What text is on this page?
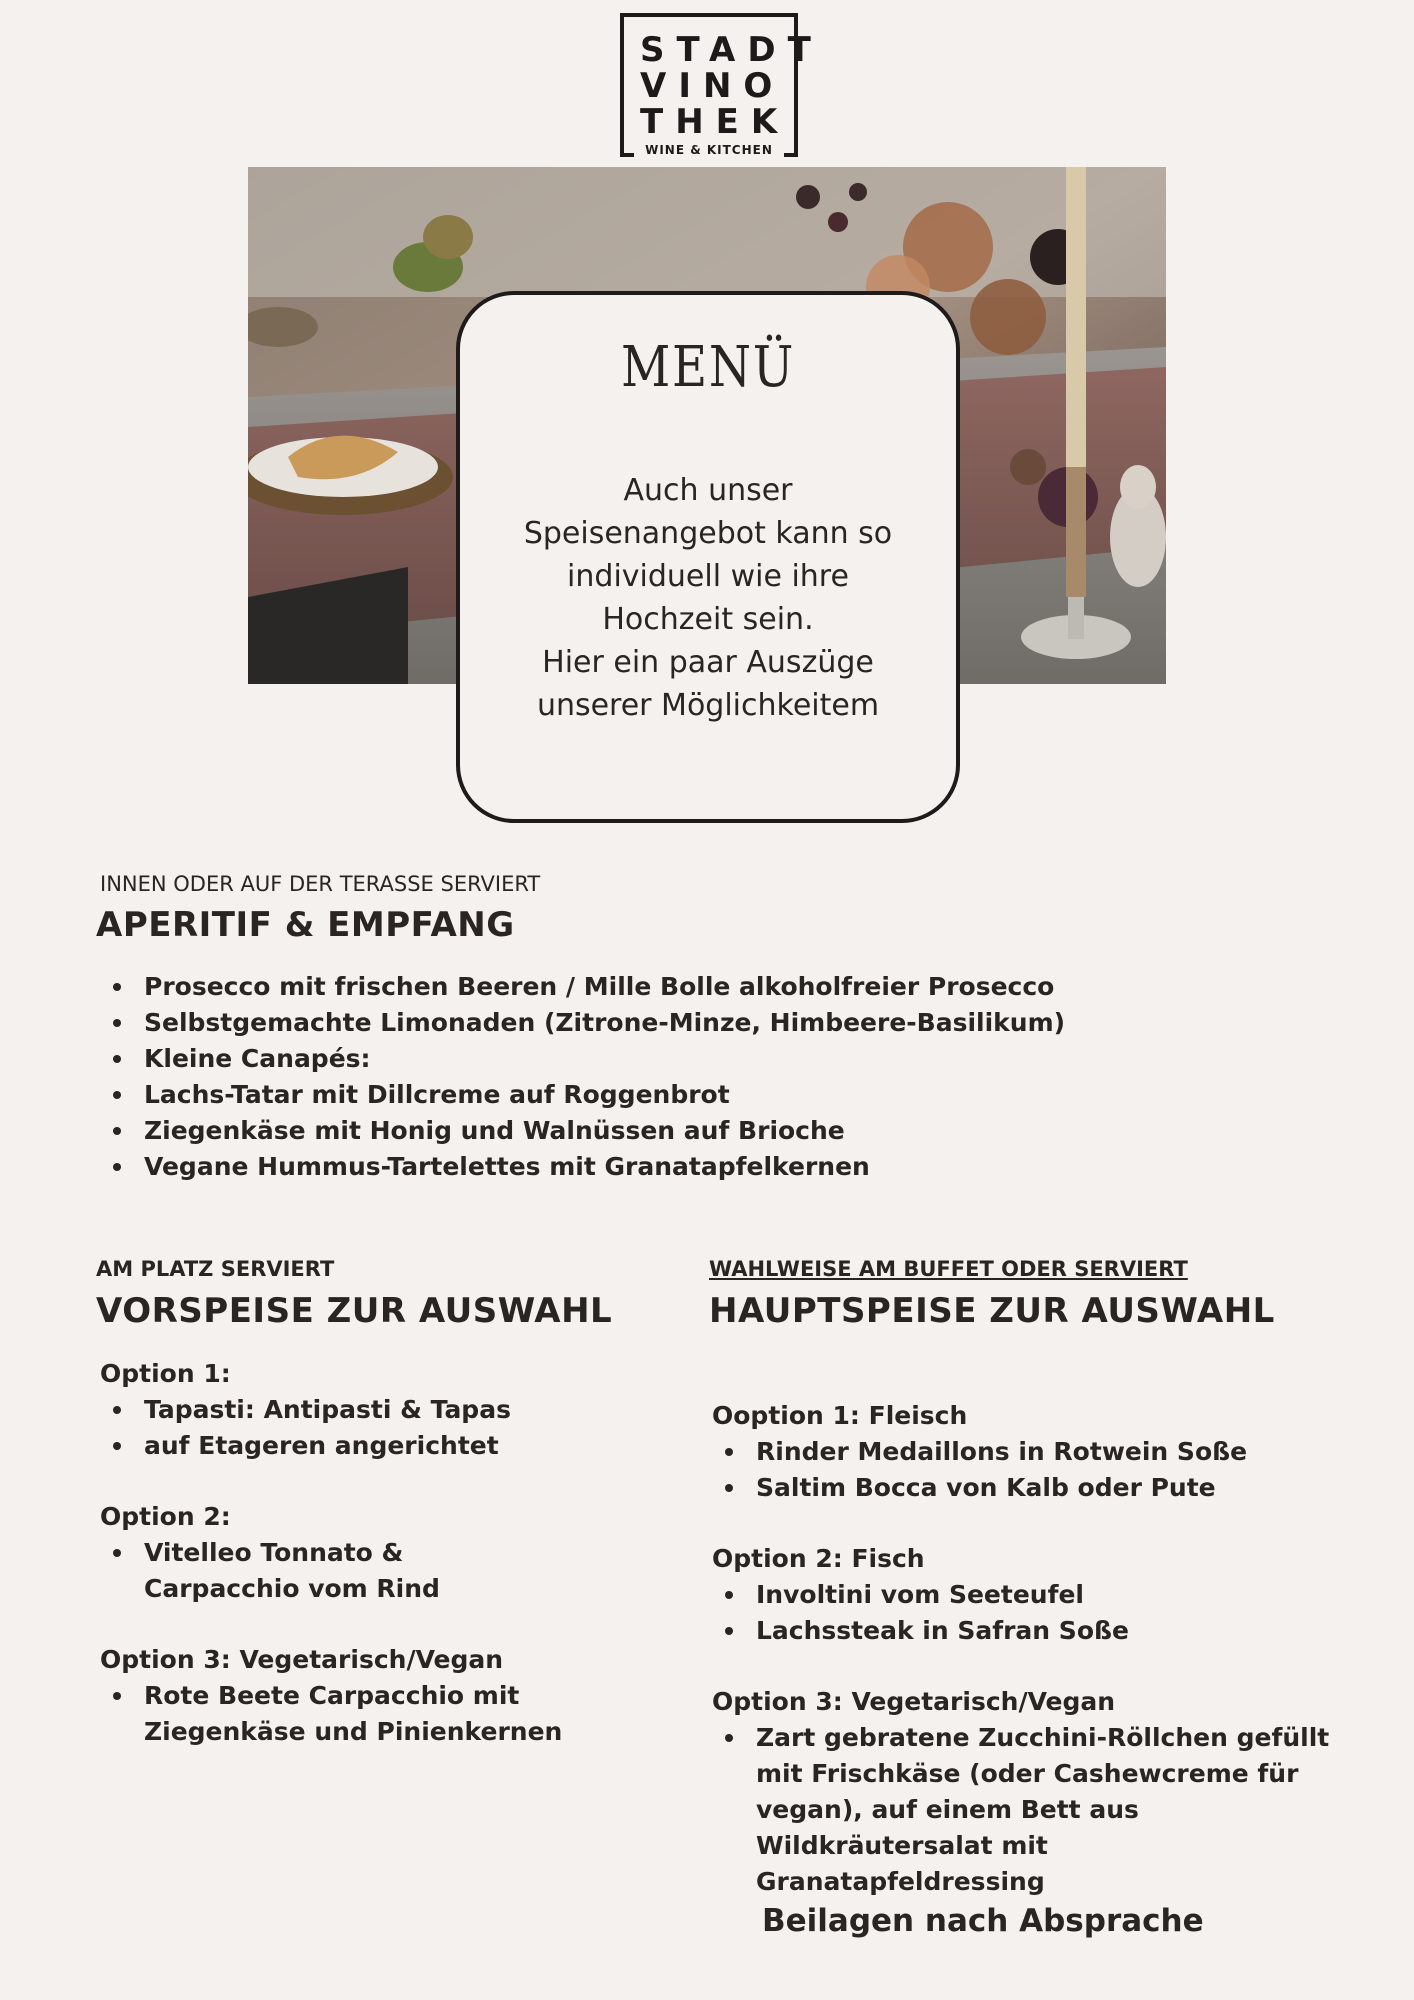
STADT
VINO
THEK
WINE & KITCHEN
MENÜ
Auch unser
Speisenangebot kann so
individuell wie ihre
Hochzeit sein.
Hier ein paar Auszüge
unserer Möglichkeitem
INNEN ODER AUF DER TERASSE SERVIERT
APERITIF & EMPFANG
Prosecco mit frischen Beeren / Mille Bolle alkoholfreier Prosecco
Selbstgemachte Limonaden (Zitrone-Minze, Himbeere-Basilikum)
Kleine Canapés:
Lachs-Tatar mit Dillcreme auf Roggenbrot
Ziegenkäse mit Honig und Walnüssen auf Brioche
Vegane Hummus-Tartelettes mit Granatapfelkernen
AM PLATZ SERVIERT
VORSPEISE ZUR AUSWAHL
Option 1:
Tapasti: Antipasti & Tapas
auf Etageren angerichtet
Option 2:
Vitelleo Tonnato &
Carpacchio vom Rind
Option 3: Vegetarisch/Vegan
Rote Beete Carpacchio mit
Ziegenkäse und Pinienkernen
WAHLWEISE AM BUFFET ODER SERVIERT
HAUPTSPEISE ZUR AUSWAHL
Ooption 1: Fleisch
Rinder Medaillons in Rotwein Soße
Saltim Bocca von Kalb oder Pute
Option 2: Fisch
Involtini vom Seeteufel
Lachssteak in Safran Soße
Option 3: Vegetarisch/Vegan
Zart gebratene Zucchini-Röllchen gefüllt
mit Frischkäse (oder Cashewcreme für
vegan), auf einem Bett aus
Wildkräutersalat mit
Granatapfeldressing
Beilagen nach Absprache
